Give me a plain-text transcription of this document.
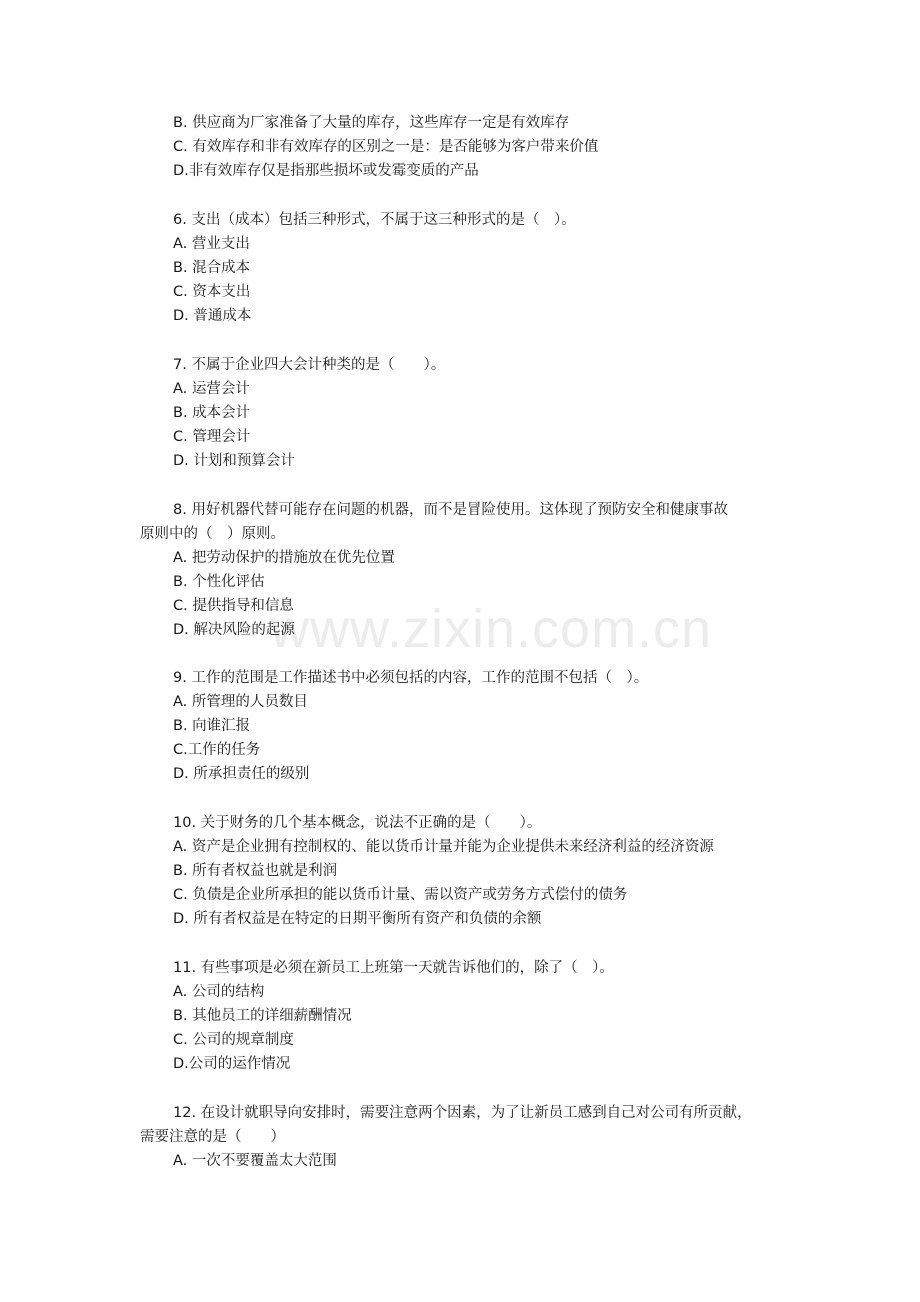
www.zixin.com.cn
B. 供应商为厂家准备了大量的库存，这些库存一定是有效库存
C. 有效库存和非有效库存的区别之一是：是否能够为客户带来价值
D.非有效库存仅是指那些损坏或发霉变质的产品
6. 支出（成本）包括三种形式，不属于这三种形式的是（　）。
A. 营业支出
B. 混合成本
C. 资本支出
D. 普通成本
7. 不属于企业四大会计种类的是（　　）。
A. 运营会计
B. 成本会计
C. 管理会计
D. 计划和预算会计
8. 用好机器代替可能存在问题的机器，而不是冒险使用。这体现了预防安全和健康事故
原则中的（　）原则。
A. 把劳动保护的措施放在优先位置
B. 个性化评估
C. 提供指导和信息
D. 解决风险的起源
9. 工作的范围是工作描述书中必须包括的内容，工作的范围不包括（　）。
A. 所管理的人员数目
B. 向谁汇报
C.工作的任务
D. 所承担责任的级别
10. 关于财务的几个基本概念，说法不正确的是（　　）。
A. 资产是企业拥有控制权的、能以货币计量并能为企业提供未来经济利益的经济资源
B. 所有者权益也就是利润
C. 负债是企业所承担的能以货币计量、需以资产或劳务方式偿付的债务
D. 所有者权益是在特定的日期平衡所有资产和负债的余额
11. 有些事项是必须在新员工上班第一天就告诉他们的，除了（　）。
A. 公司的结构
B. 其他员工的详细薪酬情况
C. 公司的规章制度
D.公司的运作情况
12. 在设计就职导向安排时，需要注意两个因素，为了让新员工感到自己对公司有所贡献，
需要注意的是（　　）
A. 一次不要覆盖太大范围
